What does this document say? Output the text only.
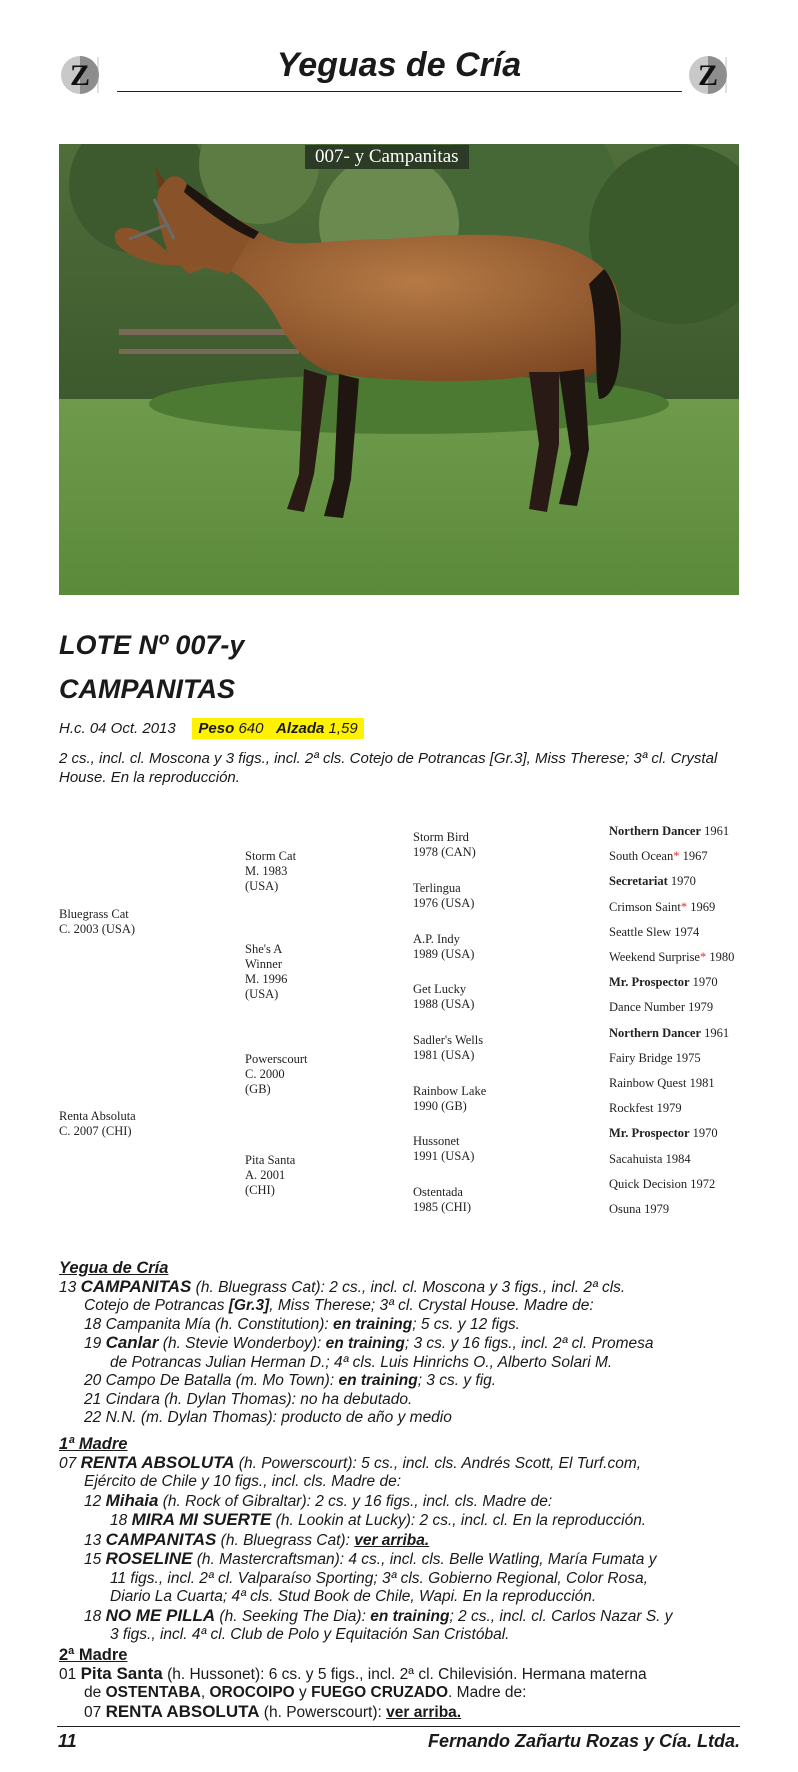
Z	Z
Yeguas de Cría
007- y Campanitas
LOTE Nº 007-y
CAMPANITAS
H.c. 04 Oct. 2013 Peso 640 Alzada 1,59
2 cs., incl. cl. Moscona y 3 figs., incl. 2ª cls. Cotejo de Potrancas [Gr.3], Miss Therese; 3ª cl. Crystal House. En la reproducción.
Bluegrass Cat
C. 2003 (USA)
Renta Absoluta
C. 2007 (CHI)
Storm Cat
M. 1983
(USA)
She's A
Winner
M. 1996
(USA)
Powerscourt
C. 2000
(GB)
Pita Santa
A. 2001
(CHI)
Storm Bird
1978 (CAN)
Terlingua
1976 (USA)
A.P. Indy
1989 (USA)
Get Lucky
1988 (USA)
Sadler's Wells
1981 (USA)
Rainbow Lake
1990 (GB)
Hussonet
1991 (USA)
Ostentada
1985 (CHI)
Northern Dancer 1961
South Ocean* 1967
Secretariat 1970
Crimson Saint* 1969
Seattle Slew 1974
Weekend Surprise* 1980
Mr. Prospector 1970
Dance Number 1979
Northern Dancer 1961
Fairy Bridge 1975
Rainbow Quest 1981
Rockfest 1979
Mr. Prospector 1970
Sacahuista 1984
Quick Decision 1972
Osuna 1979
Yegua de Cría
13 CAMPANITAS (h. Bluegrass Cat): 2 cs., incl. cl. Moscona y 3 figs., incl. 2ª cls.
Cotejo de Potrancas [Gr.3], Miss Therese; 3ª cl. Crystal House. Madre de:
18 Campanita Mía (h. Constitution): en training; 5 cs. y 12 figs.
19 Canlar (h. Stevie Wonderboy): en training; 3 cs. y 16 figs., incl. 2ª cl. Promesa
de Potrancas Julian Herman D.; 4ª cls. Luis Hinrichs O., Alberto Solari M.
20 Campo De Batalla (m. Mo Town): en training; 3 cs. y fig.
21 Cindara (h. Dylan Thomas): no ha debutado.
22 N.N. (m. Dylan Thomas): producto de año y medio
1ª Madre
07 RENTA ABSOLUTA (h. Powerscourt): 5 cs., incl. cls. Andrés Scott, El Turf.com,
Ejército de Chile y 10 figs., incl. cls. Madre de:
12 Mihaia (h. Rock of Gibraltar): 2 cs. y 16 figs., incl. cls. Madre de:
18 MIRA MI SUERTE (h. Lookin at Lucky): 2 cs., incl. cl. En la reproducción.
13 CAMPANITAS (h. Bluegrass Cat): ver arriba.
15 ROSELINE (h. Mastercraftsman): 4 cs., incl. cls. Belle Watling, María Fumata y
11 figs., incl. 2ª cl. Valparaíso Sporting; 3ª cls. Gobierno Regional, Color Rosa,
Diario La Cuarta; 4ª cls. Stud Book de Chile, Wapi. En la reproducción.
18 NO ME PILLA (h. Seeking The Dia): en training; 2 cs., incl. cl. Carlos Nazar S. y
3 figs., incl. 4ª cl. Club de Polo y Equitación San Cristóbal.
2ª Madre
01 Pita Santa (h. Hussonet): 6 cs. y 5 figs., incl. 2ª cl. Chilevisión. Hermana materna
de OSTENTABA, OROCOIPO y FUEGO CRUZADO. Madre de:
07 RENTA ABSOLUTA (h. Powerscourt): ver arriba.
11	Fernando Zañartu Rozas y Cía. Ltda.
